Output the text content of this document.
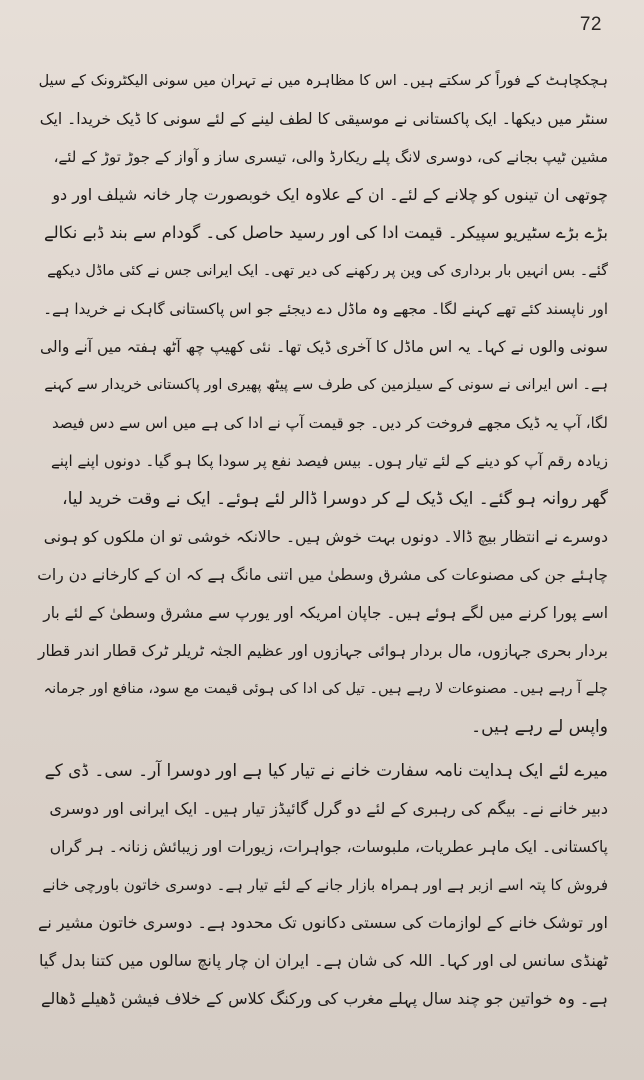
72
ہچکچاہٹ کے فوراً کر سکتے ہیں۔ اس کا مظاہرہ میں نے تہران میں سونی الیکٹرونک کے سیل
سنٹر میں دیکھا۔ ایک پاکستانی نے موسیقی کا لطف لینے کے لئے سونی کا ڈیک خریدا۔ ایک
مشین ٹیپ بجانے کی، دوسری لانگ پلے ریکارڈ والی، تیسری ساز و آواز کے جوڑ توڑ کے لئے،
چوتھی ان تینوں کو چلانے کے لئے۔ ان کے علاوہ ایک خوبصورت چار خانہ شیلف اور دو
بڑے بڑے سٹیریو سپیکر۔ قیمت ادا کی اور رسید حاصل کی۔ گودام سے بند ڈبے نکالے
گئے۔ بس انہیں بار برداری کی وین پر رکھنے کی دیر تھی۔ ایک ایرانی جس نے کئی ماڈل دیکھے
اور ناپسند کئے تھے کہنے لگا۔ مجھے وہ ماڈل دے دیجئے جو اس پاکستانی گاہک نے خریدا ہے۔
سونی والوں نے کہا۔ یہ اس ماڈل کا آخری ڈیک تھا۔ نئی کھیپ چھ آٹھ ہفتہ میں آنے والی
ہے۔ اس ایرانی نے سونی کے سیلزمین کی طرف سے پیٹھ پھیری اور پاکستانی خریدار سے کہنے
لگا، آپ یہ ڈیک مجھے فروخت کر دیں۔ جو قیمت آپ نے ادا کی ہے میں اس سے دس فیصد
زیادہ رقم آپ کو دینے کے لئے تیار ہوں۔ بیس فیصد نفع پر سودا پکا ہو گیا۔ دونوں اپنے اپنے
گھر روانہ ہو گئے۔ ایک ڈیک لے کر دوسرا ڈالر لئے ہوئے۔ ایک نے وقت خرید لیا،
دوسرے نے انتظار بیچ ڈالا۔ دونوں بہت خوش ہیں۔ حالانکہ خوشی تو ان ملکوں کو ہونی
چاہئے جن کی مصنوعات کی مشرق وسطیٰ میں اتنی مانگ ہے کہ ان کے کارخانے دن رات
اسے پورا کرنے میں لگے ہوئے ہیں۔ جاپان امریکہ اور یورپ سے مشرق وسطیٰ کے لئے بار
بردار بحری جہازوں، مال بردار ہوائی جہازوں اور عظیم الجثہ ٹریلر ٹرک قطار اندر قطار
چلے آ رہے ہیں۔ مصنوعات لا رہے ہیں۔ تیل کی ادا کی ہوئی قیمت مع سود، منافع اور جرمانہ
واپس لے رہے ہیں۔
میرے لئے ایک ہدایت نامہ سفارت خانے نے تیار کیا ہے اور دوسرا آر۔ سی۔ ڈی کے
دبیر خانے نے۔ بیگم کی رہبری کے لئے دو گرل گائیڈز تیار ہیں۔ ایک ایرانی اور دوسری
پاکستانی۔ ایک ماہر عطریات، ملبوسات، جواہرات، زیورات اور زیبائش زنانہ۔ ہر گراں
فروش کا پتہ اسے ازبر ہے اور ہمراہ بازار جانے کے لئے تیار ہے۔ دوسری خاتون باورچی خانے
اور توشک خانے کے لوازمات کی سستی دکانوں تک محدود ہے۔ دوسری خاتون مشیر نے
ٹھنڈی سانس لی اور کہا۔ اللہ کی شان ہے۔ ایران ان چار پانچ سالوں میں کتنا بدل گیا
ہے۔ وہ خواتین جو چند سال پہلے مغرب کی ورکنگ کلاس کے خلاف فیشن ڈھیلے ڈھالے
